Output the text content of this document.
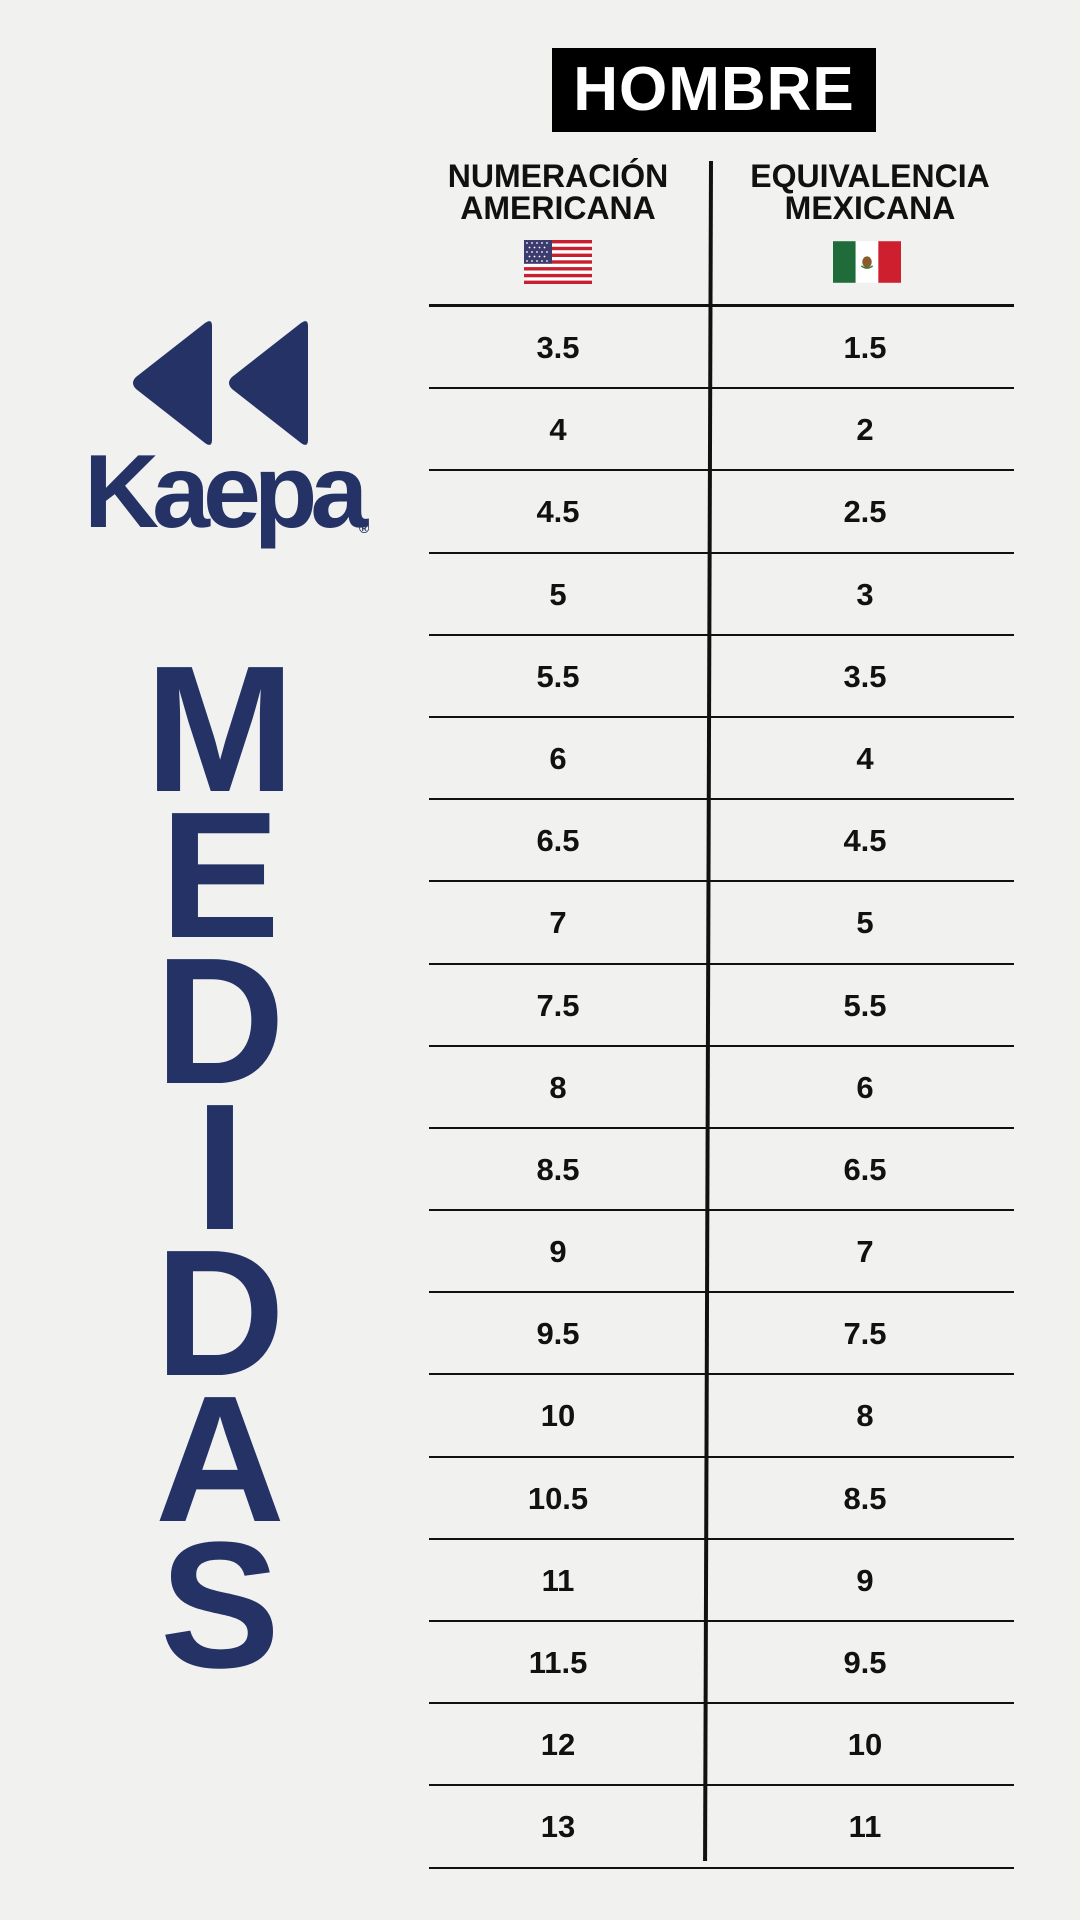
Kaepa
®
M
E
D
I
D
A
S
HOMBRE
NUMERACIÓN
AMERICANA
EQUIVALENCIA
MEXICANA
3.5	1.5
4	2
4.5	2.5
5	3
5.5	3.5
6	4
6.5	4.5
7	5
7.5	5.5
8	6
8.5	6.5
9	7
9.5	7.5
10	8
10.5	8.5
11	9
11.5	9.5
12	10
13	11
